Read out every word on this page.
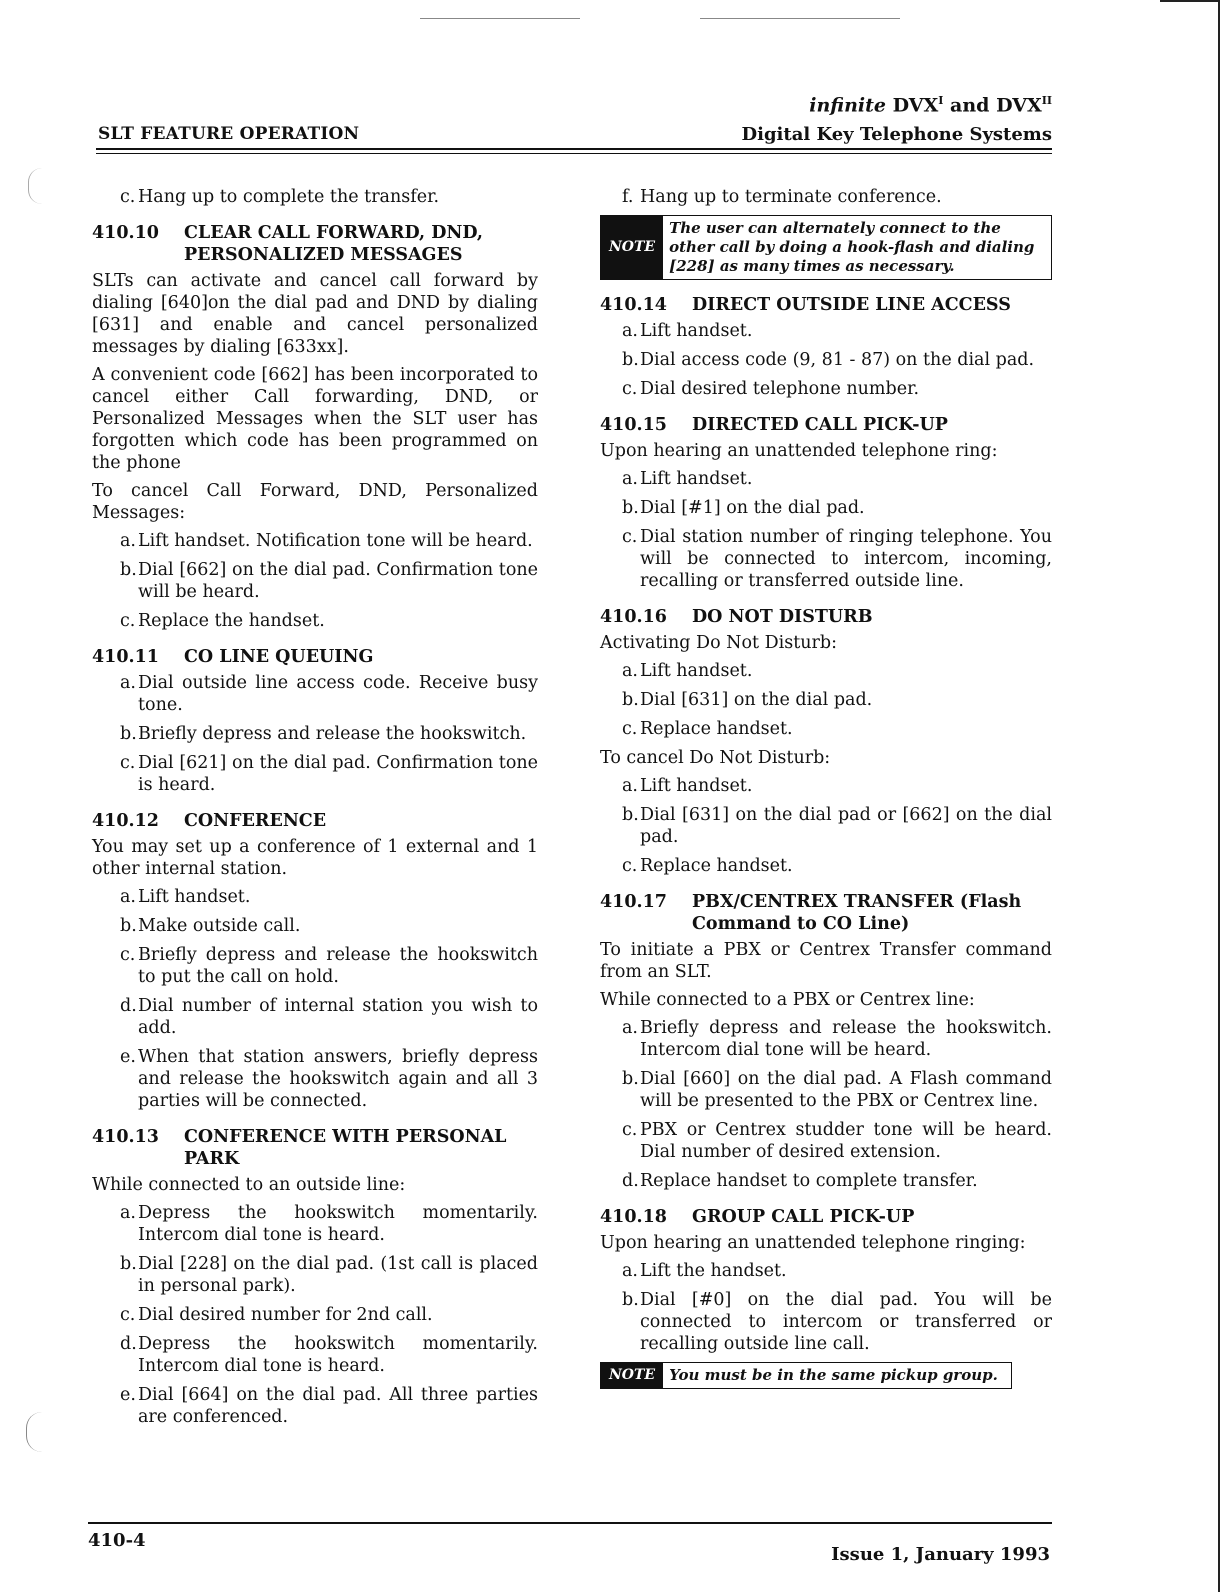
SLT FEATURE OPERATION
infinite $DVX^I$ and $DVX^{II}$
Digital Key Telephone Systems
c. Hang up to complete the transfer.
410.10	CLEAR CALL FORWARD, DND,
PERSONALIZED MESSAGES

SLTs can activate and cancel call forward by dialing [640]on the dial pad and DND by dialing [631] and enable and cancel personalized messages by dialing [633xx].

A convenient code [662] has been incorporated to cancel either Call forwarding, DND, or Personalized Messages when the SLT user has forgotten which code has been programmed on the phone

To cancel Call Forward, DND, Personalized Messages:

a. Lift handset. Notification tone will be heard.
b. Dial [662] on the dial pad. Confirmation tone will be heard.
c. Replace the handset.
410.11	CO LINE QUEUING
a. Dial outside line access code. Receive busy tone.
b. Briefly depress and release the hookswitch.
c. Dial [621] on the dial pad. Confirmation tone is heard.
410.12	CONFERENCE

You may set up a conference of 1 external and 1 other internal station.

a. Lift handset.
b. Make outside call.
c. Briefly depress and release the hookswitch to put the call on hold.
d. Dial number of internal station you wish to add.
e. When that station answers, briefly depress and release the hookswitch again and all 3 parties will be connected.
410.13	CONFERENCE WITH PERSONAL
PARK

While connected to an outside line:

a. Depress the hookswitch momentarily. Intercom dial tone is heard.
b. Dial [228] on the dial pad. (1st call is placed in personal park).
c. Dial desired number for 2nd call.
d. Depress the hookswitch momentarily. Intercom dial tone is heard.
e. Dial [664] on the dial pad. All three parties are conferenced.
f. Hang up to terminate conference.
NOTE
The user can alternately connect to the other call by doing a hook-flash and dialing [228] as many times as necessary.
410.14	DIRECT OUTSIDE LINE ACCESS
a. Lift handset.
b. Dial access code (9, 81 - 87) on the dial pad.
c. Dial desired telephone number.
410.15	DIRECTED CALL PICK-UP

Upon hearing an unattended telephone ring:

a. Lift handset.
b. Dial [#1] on the dial pad.
c. Dial station number of ringing telephone. You will be connected to intercom, incoming, recalling or transferred outside line.
410.16	DO NOT DISTURB

Activating Do Not Disturb:

a. Lift handset.
b. Dial [631] on the dial pad.
c. Replace handset.

To cancel Do Not Disturb:

a. Lift handset.
b. Dial [631] on the dial pad or [662] on the dial pad.
c. Replace handset.
410.17	PBX/CENTREX TRANSFER (Flash
Command to CO Line)

To initiate a PBX or Centrex Transfer command from an SLT.

While connected to a PBX or Centrex line:

a. Briefly depress and release the hookswitch. Intercom dial tone will be heard.
b. Dial [660] on the dial pad. A Flash command will be presented to the PBX or Centrex line.
c. PBX or Centrex studder tone will be heard. Dial number of desired extension.
d. Replace handset to complete transfer.
410.18	GROUP CALL PICK-UP

Upon hearing an unattended telephone ringing:

a. Lift the handset.
b. Dial [#0] on the dial pad. You will be connected to intercom or transferred or recalling outside line call.
NOTE You must be in the same pickup group.
410-4
Issue 1, January 1993
